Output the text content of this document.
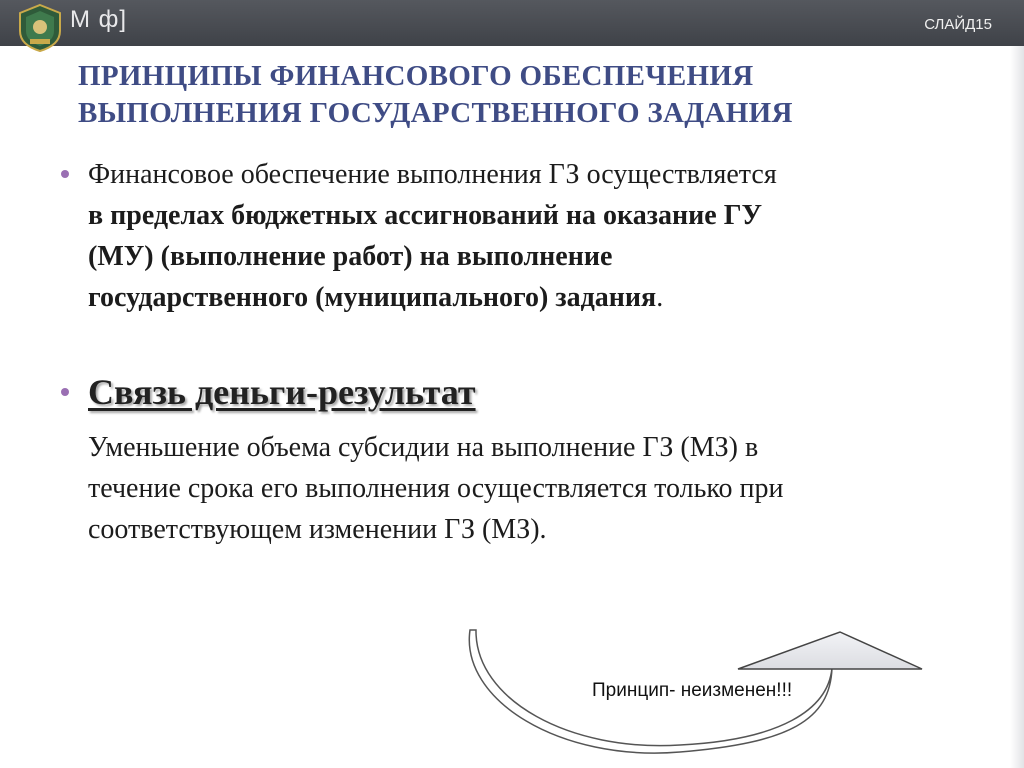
М ф]	СЛАЙД15
ПРИНЦИПЫ ФИНАНСОВОГО ОБЕСПЕЧЕНИЯ
ВЫПОЛНЕНИЯ ГОСУДАРСТВЕННОГО ЗАДАНИЯ
Финансовое обеспечение выполнения ГЗ осуществляется
в пределах бюджетных ассигнований на оказание ГУ
(МУ) (выполнение работ) на выполнение
государственного (муниципального) задания.
Связь деньги-результат
Уменьшение объема субсидии на выполнение ГЗ (МЗ) в
течение срока его выполнения осуществляется только при
соответствующем изменении ГЗ (МЗ).
Принцип- неизменен!!!
